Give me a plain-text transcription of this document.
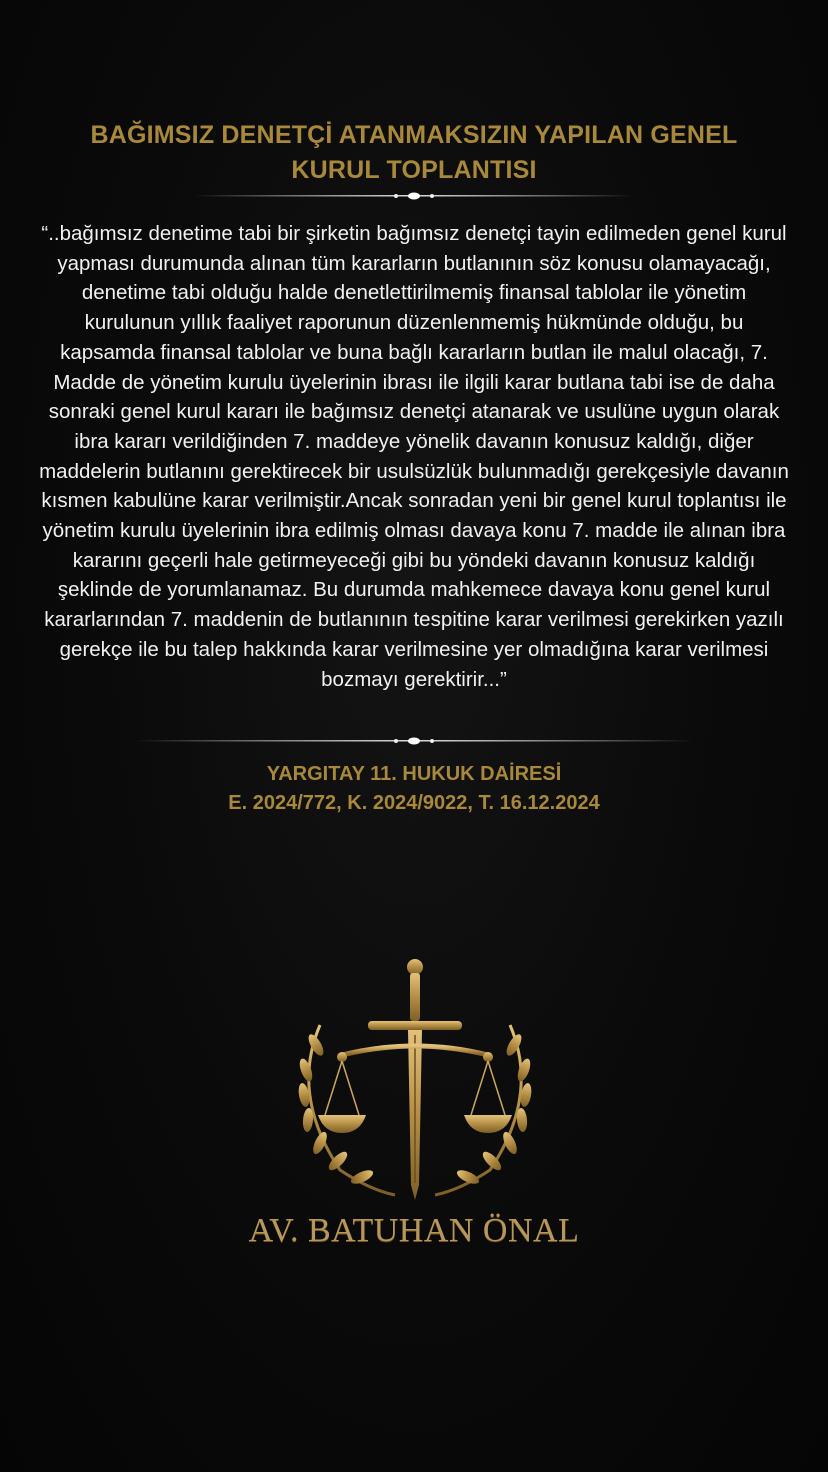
BAĞIMSIZ DENETÇİ ATANMAKSIZIN YAPILAN GENEL
KURUL TOPLANTISI
“..bağımsız denetime tabi bir şirketin bağımsız denetçi tayin edilmeden genel kurul yapması durumunda alınan tüm kararların butlanının söz konusu olamayacağı, denetime tabi olduğu halde denetlettirilmemiş finansal tablolar ile yönetim kurulunun yıllık faaliyet raporunun düzenlenmemiş hükmünde olduğu, bu kapsamda finansal tablolar ve buna bağlı kararların butlan ile malul olacağı, 7. Madde de yönetim kurulu üyelerinin ibrası ile ilgili karar butlana tabi ise de daha sonraki genel kurul kararı ile bağımsız denetçi atanarak ve usulüne uygun olarak ibra kararı verildiğinden 7. maddeye yönelik davanın konusuz kaldığı, diğer maddelerin butlanını gerektirecek bir usulsüzlük bulunmadığı gerekçesiyle davanın kısmen kabulüne karar verilmiştir.Ancak sonradan yeni bir genel kurul toplantısı ile yönetim kurulu üyelerinin ibra edilmiş olması davaya konu 7. madde ile alınan ibra kararını geçerli hale getirmeyeceği gibi bu yöndeki davanın konusuz kaldığı şeklinde de yorumlanamaz. Bu durumda mahkemece davaya konu genel kurul kararlarından 7. maddenin de butlanının tespitine karar verilmesi gerekirken yazılı gerekçe ile bu talep hakkında karar verilmesine yer olmadığına karar verilmesi bozmayı gerektirir...”
YARGITAY 11. HUKUK DAİRESİ
E. 2024/772, K. 2024/9022, T. 16.12.2024
AV. BATUHAN ÖNAL
